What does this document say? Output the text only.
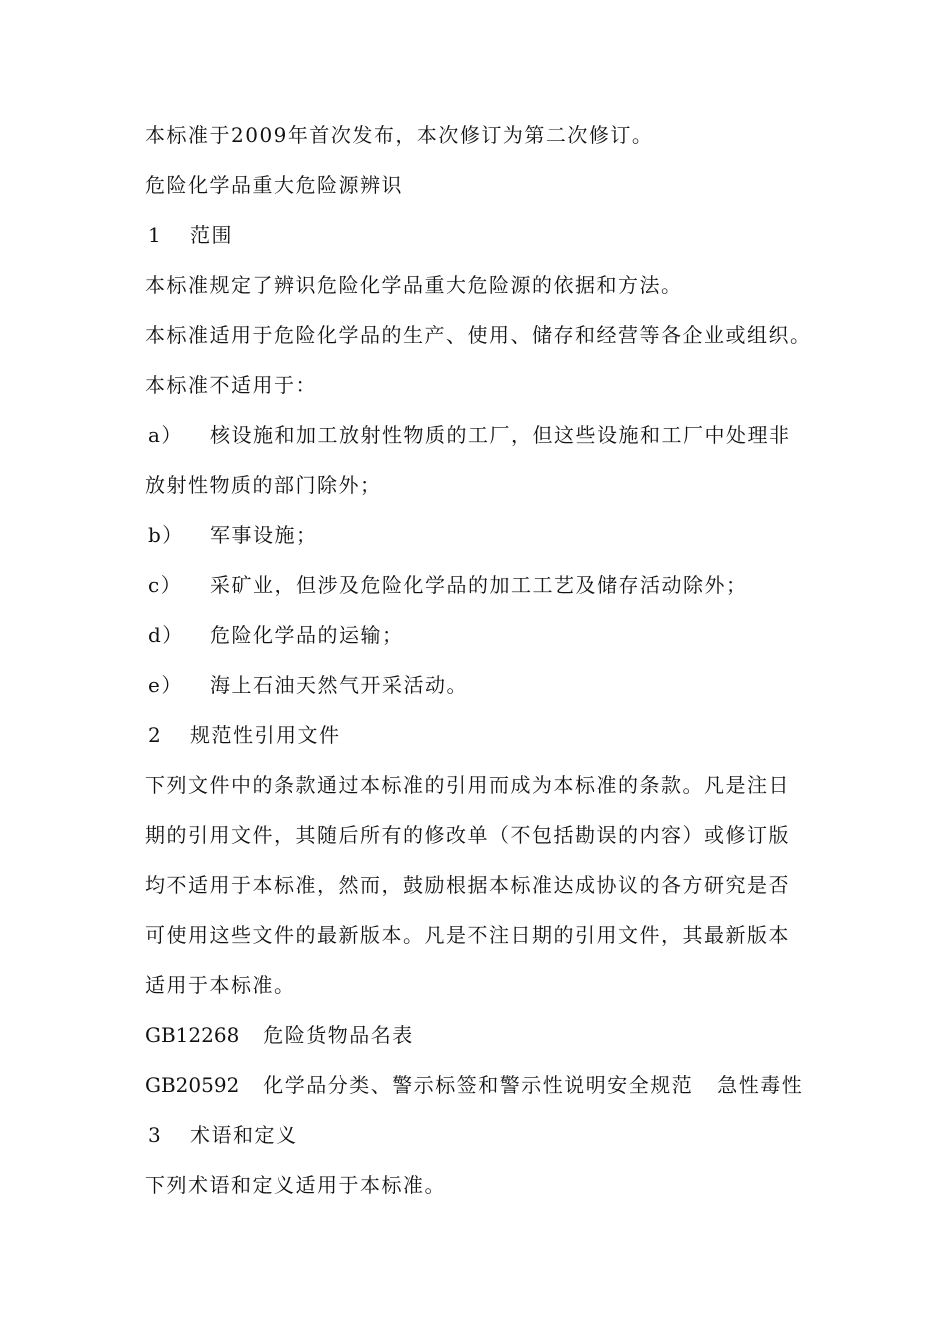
本标准于2009年首次发布，本次修订为第二次修订。
危险化学品重大危险源辨识
1 范围
本标准规定了辨识危险化学品重大危险源的依据和方法。
本标准适用于危险化学品的生产、使用、储存和经营等各企业或组织。
本标准不适用于：
a） 核设施和加工放射性物质的工厂，但这些设施和工厂中处理非
放射性物质的部门除外；
b） 军事设施；
c） 采矿业，但涉及危险化学品的加工工艺及储存活动除外；
d） 危险化学品的运输；
e） 海上石油天然气开采活动。
2 规范性引用文件
下列文件中的条款通过本标准的引用而成为本标准的条款。凡是注日
期的引用文件，其随后所有的修改单（不包括勘误的内容）或修订版
均不适用于本标准，然而，鼓励根据本标准达成协议的各方研究是否
可使用这些文件的最新版本。凡是不注日期的引用文件，其最新版本
适用于本标准。
GB12268 危险货物品名表
GB20592 化学品分类、警示标签和警示性说明安全规范 急性毒性
3 术语和定义
下列术语和定义适用于本标准。
